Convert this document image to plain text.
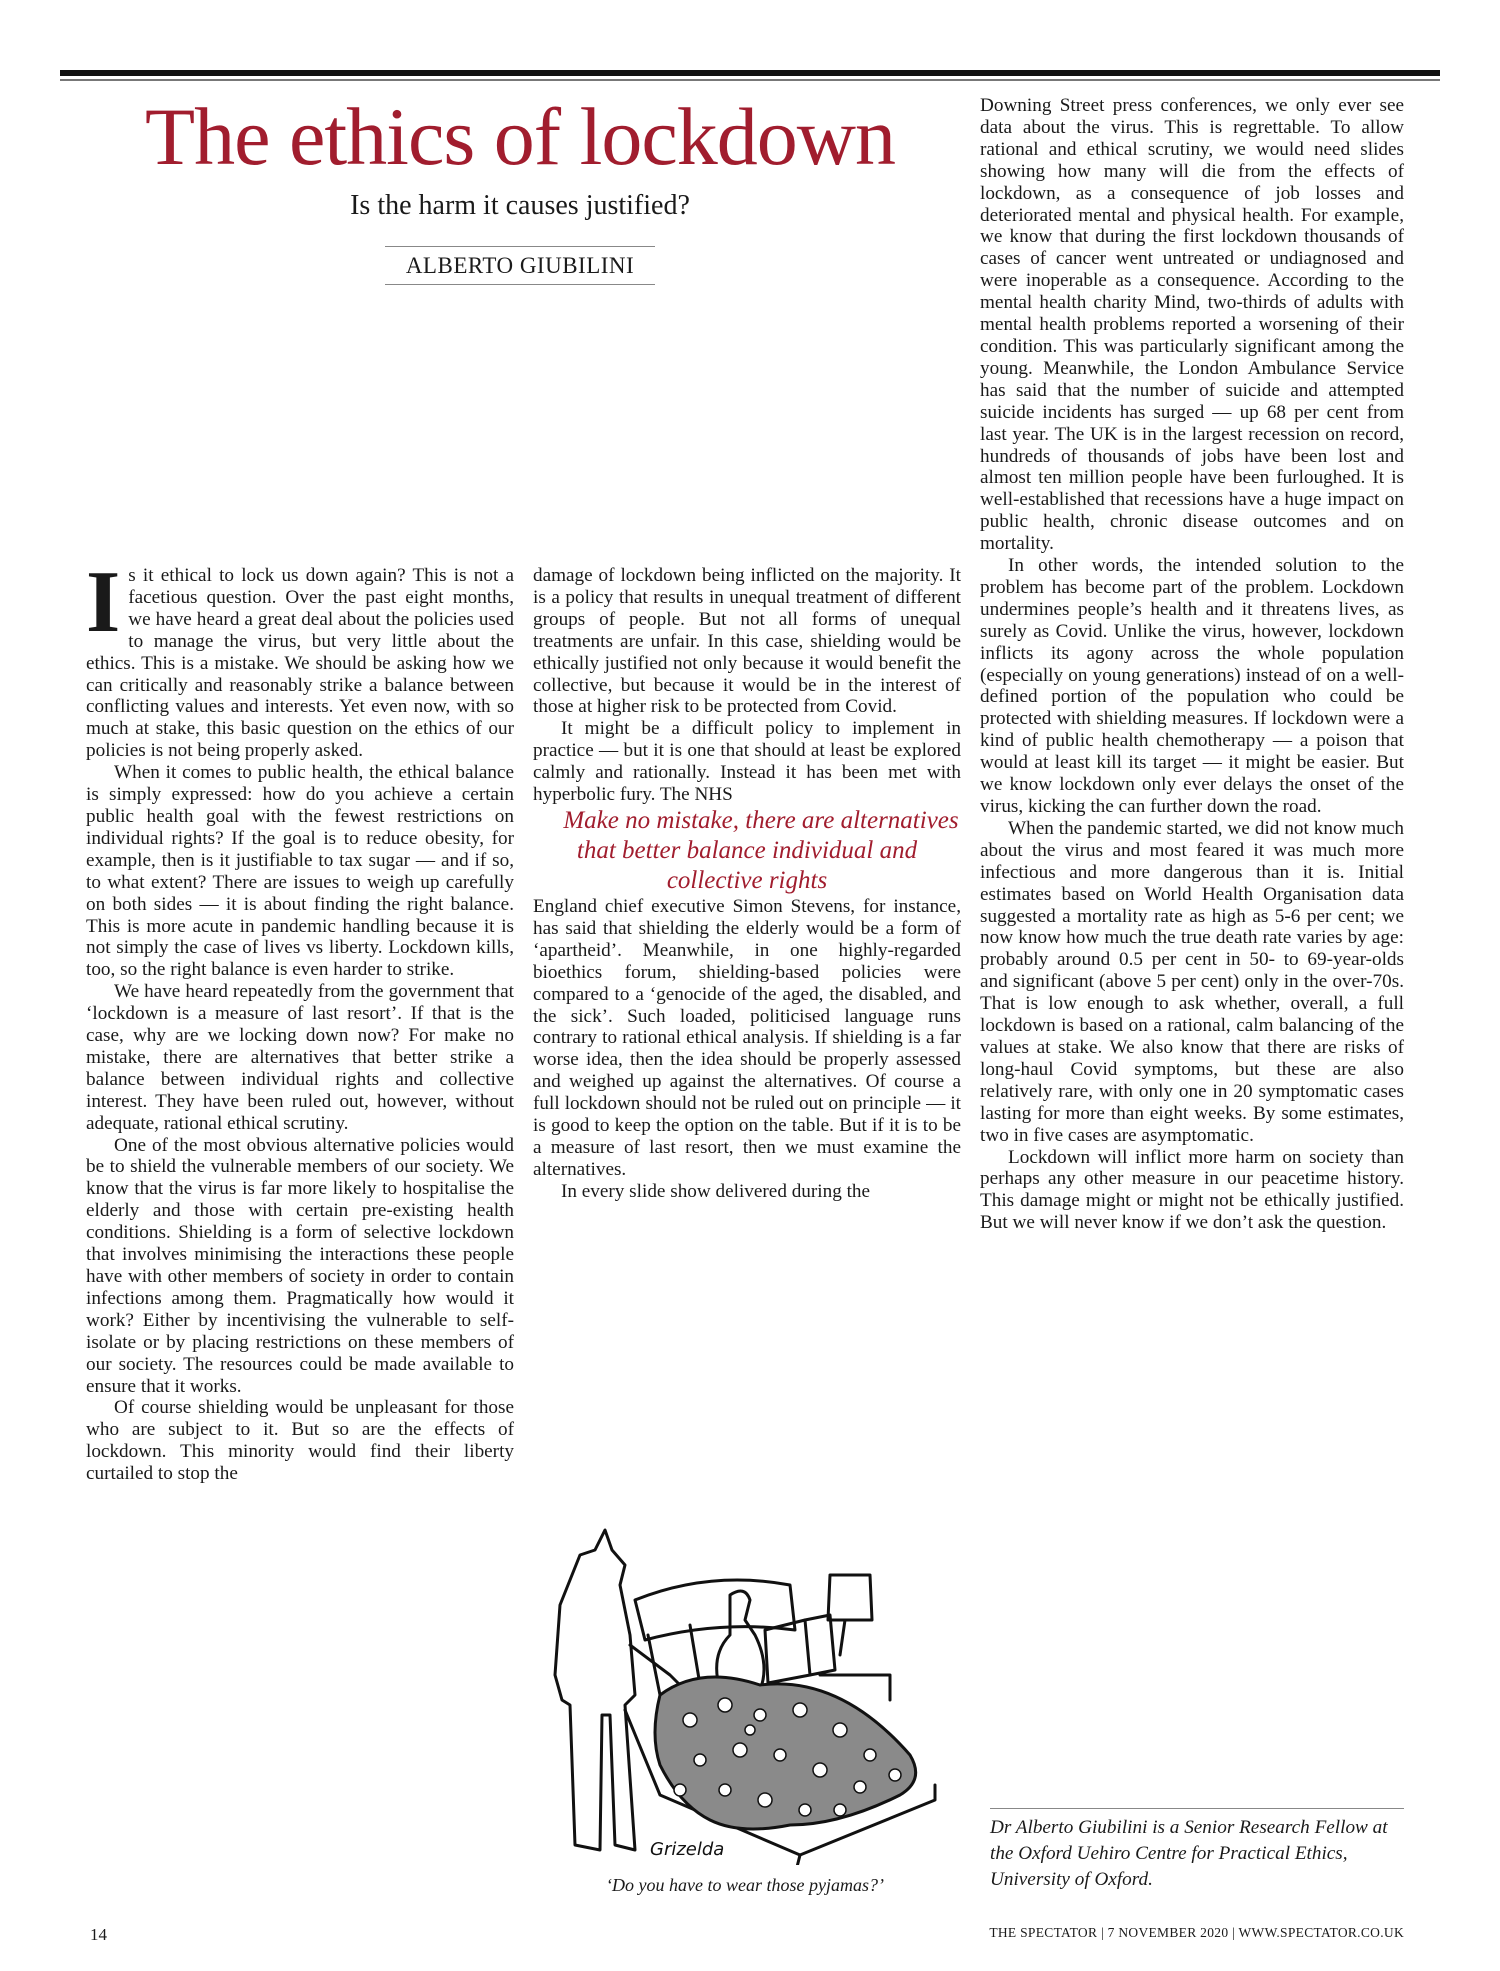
The ethics of lockdown

Is the harm it causes justified?

ALBERTO GIUBILINI

Is it ethical to lock us down again? This is not a facetious question. Over the past eight months, we have heard a great deal about the policies used to manage the virus, but very little about the ethics. This is a mistake. We should be asking how we can critically and reasonably strike a balance between conflicting values and interests. Yet even now, with so much at stake, this basic question on the ethics of our policies is not being properly asked.

When it comes to public health, the ethical balance is simply expressed: how do you achieve a certain public health goal with the fewest restrictions on individual rights? If the goal is to reduce obesity, for example, then is it justifiable to tax sugar — and if so, to what extent? There are issues to weigh up carefully on both sides — it is about finding the right balance. This is more acute in pandemic handling because it is not simply the case of lives vs liberty. Lockdown kills, too, so the right balance is even harder to strike.

We have heard repeatedly from the government that ‘lockdown is a measure of last resort’. If that is the case, why are we locking down now? For make no mistake, there are alternatives that better strike a balance between individual rights and collective interest. They have been ruled out, however, without adequate, rational ethical scrutiny.

One of the most obvious alternative policies would be to shield the vulnerable members of our society. We know that the virus is far more likely to hospitalise the elderly and those with certain pre-existing health conditions. Shielding is a form of selective lockdown that involves minimising the interactions these people have with other members of society in order to contain infections among them. Pragmatically how would it work? Either by incentivising the vulnerable to self-isolate or by placing restrictions on these members of our society. The resources could be made available to ensure that it works.

Of course shielding would be unpleasant for those who are subject to it. But so are the effects of lockdown. This minority would find their liberty curtailed to stop the

damage of lockdown being inflicted on the majority. It is a policy that results in unequal treatment of different groups of people. But not all forms of unequal treatments are unfair. In this case, shielding would be ethically justified not only because it would benefit the collective, but because it would be in the interest of those at higher risk to be protected from Covid.

It might be a difficult policy to implement in practice — but it is one that should at least be explored calmly and rationally. Instead it has been met with hyperbolic fury. The NHS

Make no mistake, there are alternatives that better balance individual and collective rights

England chief executive Simon Stevens, for instance, has said that shielding the elderly would be a form of ‘apartheid’. Meanwhile, in one highly-regarded bioethics forum, shielding-based policies were compared to a ‘genocide of the aged, the disabled, and the sick’. Such loaded, politicised language runs contrary to rational ethical analysis. If shielding is a far worse idea, then the idea should be properly assessed and weighed up against the alternatives. Of course a full lockdown should not be ruled out on principle — it is good to keep the option on the table. But if it is to be a measure of last resort, then we must examine the alternatives.

In every slide show delivered during the

Grizelda
‘Do you have to wear those pyjamas?’

Downing Street press conferences, we only ever see data about the virus. This is regrettable. To allow rational and ethical scrutiny, we would need slides showing how many will die from the effects of lockdown, as a consequence of job losses and deteriorated mental and physical health. For example, we know that during the first lockdown thousands of cases of cancer went untreated or undiagnosed and were inoperable as a consequence. According to the mental health charity Mind, two-thirds of adults with mental health problems reported a worsening of their condition. This was particularly significant among the young. Meanwhile, the London Ambulance Service has said that the number of suicide and attempted suicide incidents has surged — up 68 per cent from last year. The UK is in the largest recession on record, hundreds of thousands of jobs have been lost and almost ten million people have been furloughed. It is well-established that recessions have a huge impact on public health, chronic disease outcomes and on mortality.

In other words, the intended solution to the problem has become part of the problem. Lockdown undermines people’s health and it threatens lives, as surely as Covid. Unlike the virus, however, lockdown inflicts its agony across the whole population (especially on young generations) instead of on a well-defined portion of the population who could be protected with shielding measures. If lockdown were a kind of public health chemotherapy — a poison that would at least kill its target — it might be easier. But we know lockdown only ever delays the onset of the virus, kicking the can further down the road.

When the pandemic started, we did not know much about the virus and most feared it was much more infectious and more dangerous than it is. Initial estimates based on World Health Organisation data suggested a mortality rate as high as 5-6 per cent; we now know how much the true death rate varies by age: probably around 0.5 per cent in 50- to 69-year-olds and significant (above 5 per cent) only in the over-70s. That is low enough to ask whether, overall, a full lockdown is based on a rational, calm balancing of the values at stake. We also know that there are risks of long-haul Covid symptoms, but these are also relatively rare, with only one in 20 symptomatic cases lasting for more than eight weeks. By some estimates, two in five cases are asymptomatic.

Lockdown will inflict more harm on society than perhaps any other measure in our peacetime history. This damage might or might not be ethically justified. But we will never know if we don’t ask the question.

Dr Alberto Giubilini is a Senior Research Fellow at the Oxford Uehiro Centre for Practical Ethics, University of Oxford.
14	THE SPECTATOR | 7 NOVEMBER 2020 | WWW.SPECTATOR.CO.UK
